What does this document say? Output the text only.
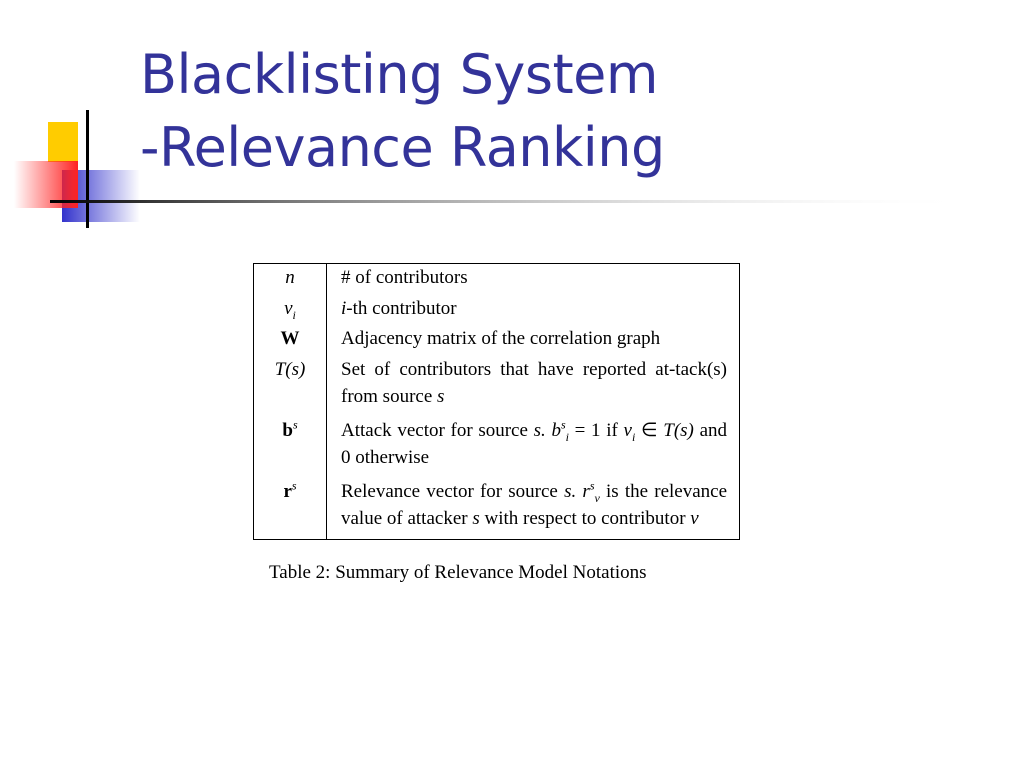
Blacklisting System
-Relevance Ranking
n	# of contributors
$v_i$	i-th contributor
W	Adjacency matrix of the correlation graph
T(s)	Set of contributors that have reported at-tack(s) from source s
$b^s$	Attack vector for source s. $b^s_i = 1$ if $v_i$ ∈ T(s) and 0 otherwise
$r^s$	Relevance vector for source s. $r^s_v$ is the relevance value of attacker s with respect to contributor v

Table 2: Summary of Relevance Model Notations
